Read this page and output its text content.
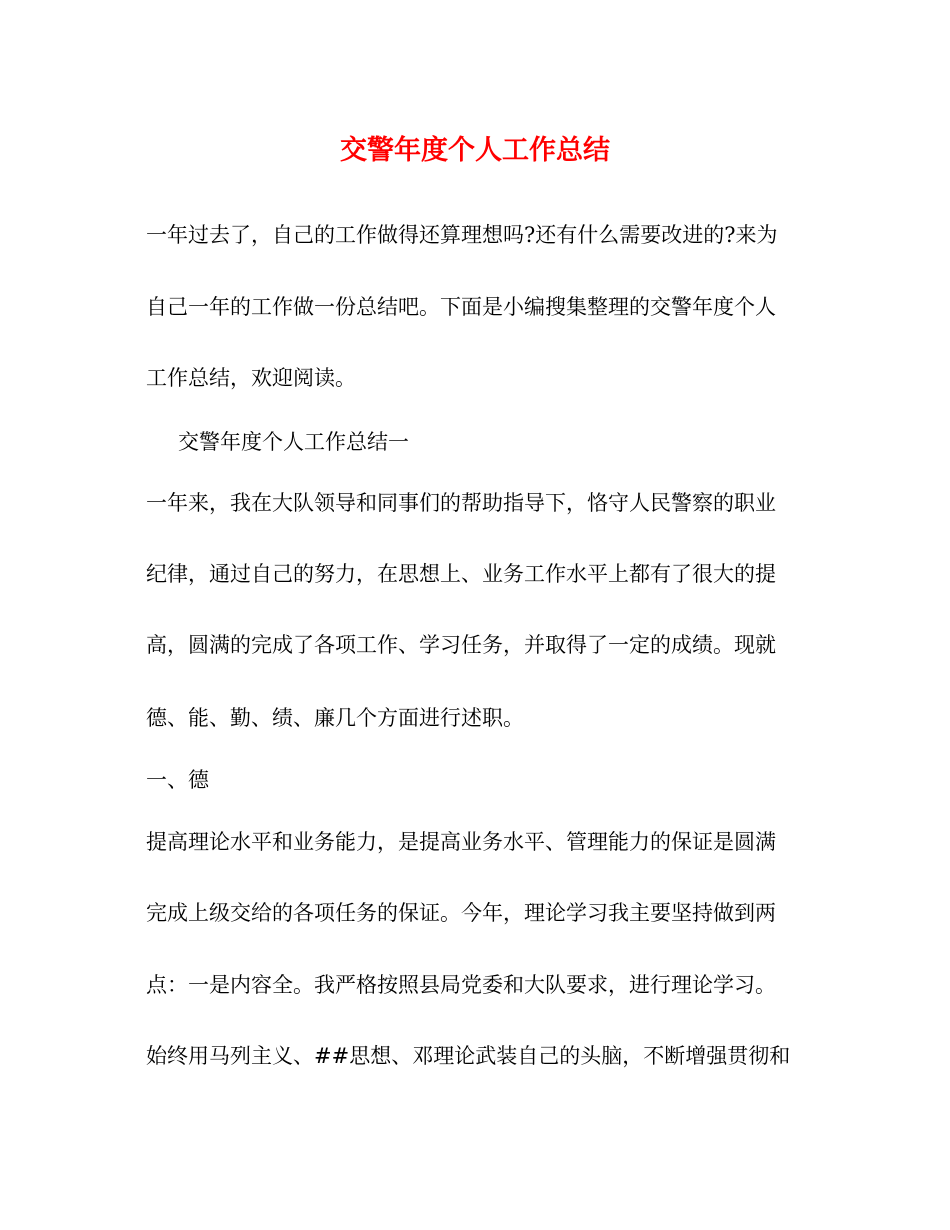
交警年度个人工作总结
一年过去了，自己的工作做得还算理想吗?还有什么需要改进的?来为
自己一年的工作做一份总结吧。下面是小编搜集整理的交警年度个人
工作总结，欢迎阅读。
交警年度个人工作总结一
一年来，我在大队领导和同事们的帮助指导下，恪守人民警察的职业
纪律，通过自己的努力，在思想上、业务工作水平上都有了很大的提
高，圆满的完成了各项工作、学习任务，并取得了一定的成绩。现就
德、能、勤、绩、廉几个方面进行述职。
一、德
提高理论水平和业务能力，是提高业务水平、管理能力的保证是圆满
完成上级交给的各项任务的保证。今年，理论学习我主要坚持做到两
点：一是内容全。我严格按照县局党委和大队要求，进行理论学习。
始终用马列主义、##思想、邓理论武装自己的头脑，不断增强贯彻和
